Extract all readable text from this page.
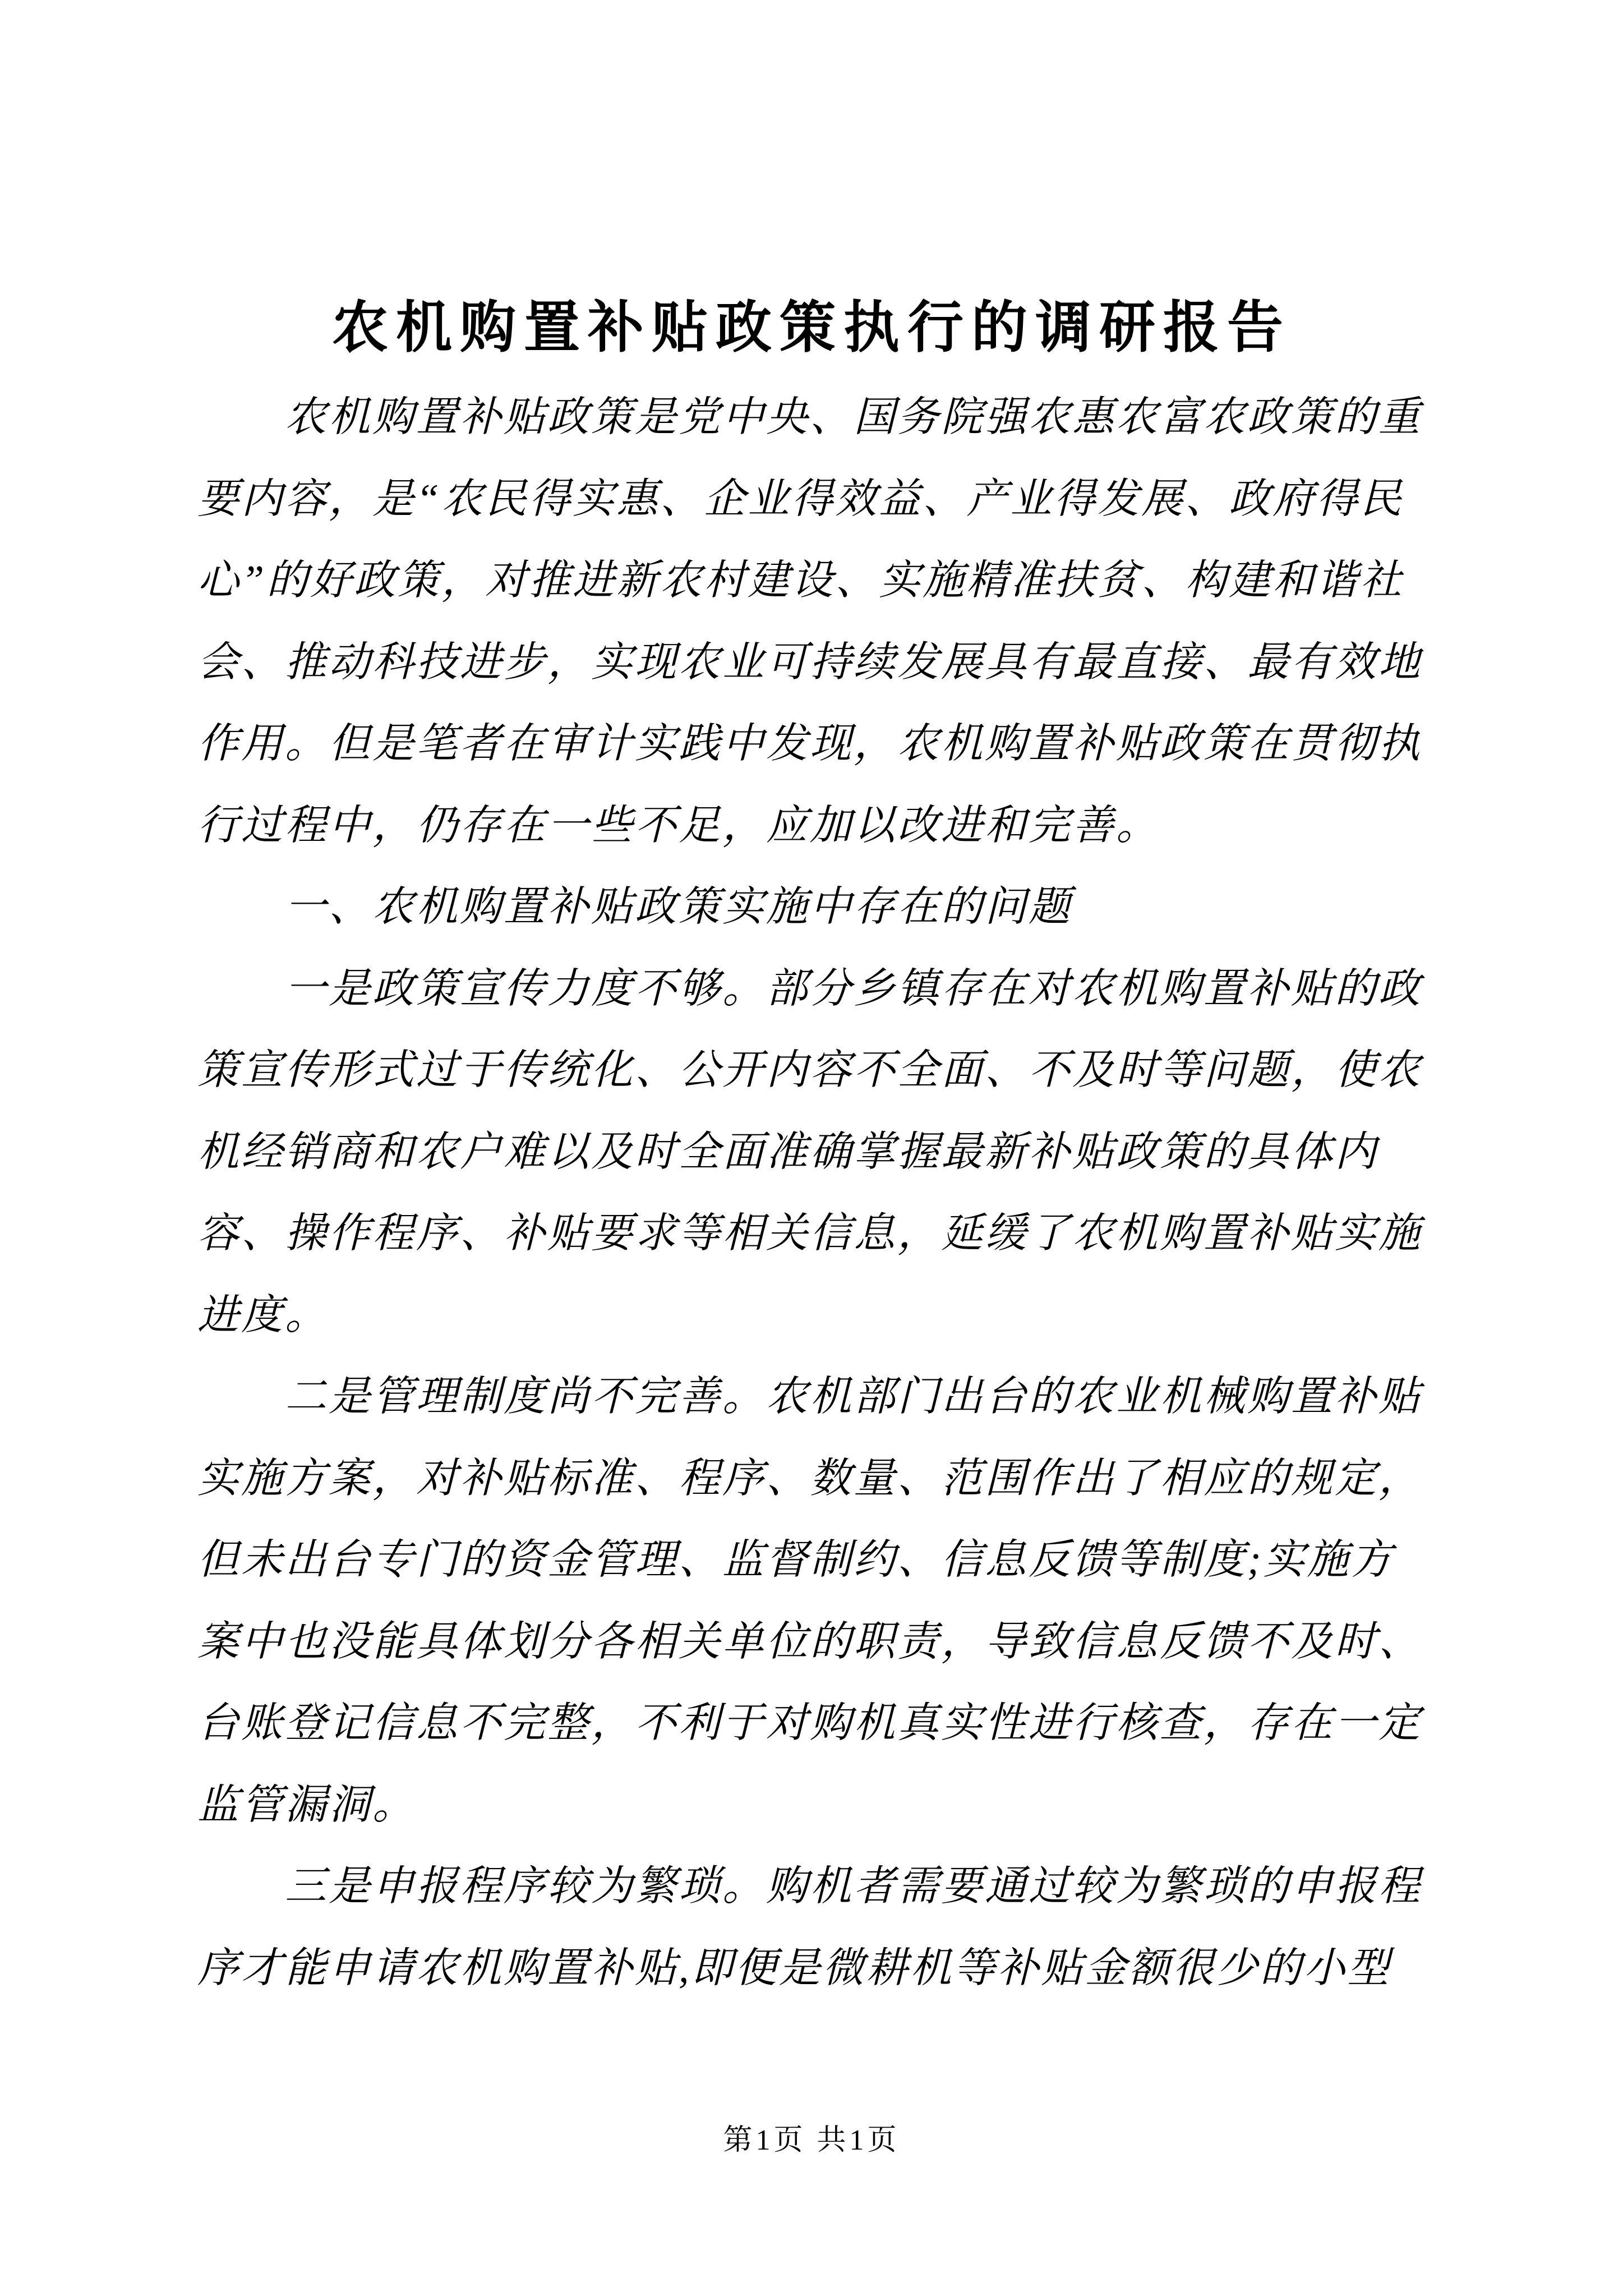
农机购置补贴政策执行的调研报告
农机购置补贴政策是党中央、国务院强农惠农富农政策的重
要内容，是“农民得实惠、企业得效益、产业得发展、政府得民
心”的好政策，对推进新农村建设、实施精准扶贫、构建和谐社
会、推动科技进步，实现农业可持续发展具有最直接、最有效地
作用。但是笔者在审计实践中发现，农机购置补贴政策在贯彻执
行过程中，仍存在一些不足，应加以改进和完善。
一、农机购置补贴政策实施中存在的问题
一是政策宣传力度不够。部分乡镇存在对农机购置补贴的政
策宣传形式过于传统化、公开内容不全面、不及时等问题，使农
机经销商和农户难以及时全面准确掌握最新补贴政策的具体内
容、操作程序、补贴要求等相关信息，延缓了农机购置补贴实施
进度。
二是管理制度尚不完善。农机部门出台的农业机械购置补贴
实施方案，对补贴标准、程序、数量、范围作出了相应的规定，
但未出台专门的资金管理、监督制约、信息反馈等制度;实施方
案中也没能具体划分各相关单位的职责，导致信息反馈不及时、
台账登记信息不完整，不利于对购机真实性进行核查，存在一定
监管漏洞。
三是申报程序较为繁琐。购机者需要通过较为繁琐的申报程
序才能申请农机购置补贴,即便是微耕机等补贴金额很少的小型
第1页 共1页
